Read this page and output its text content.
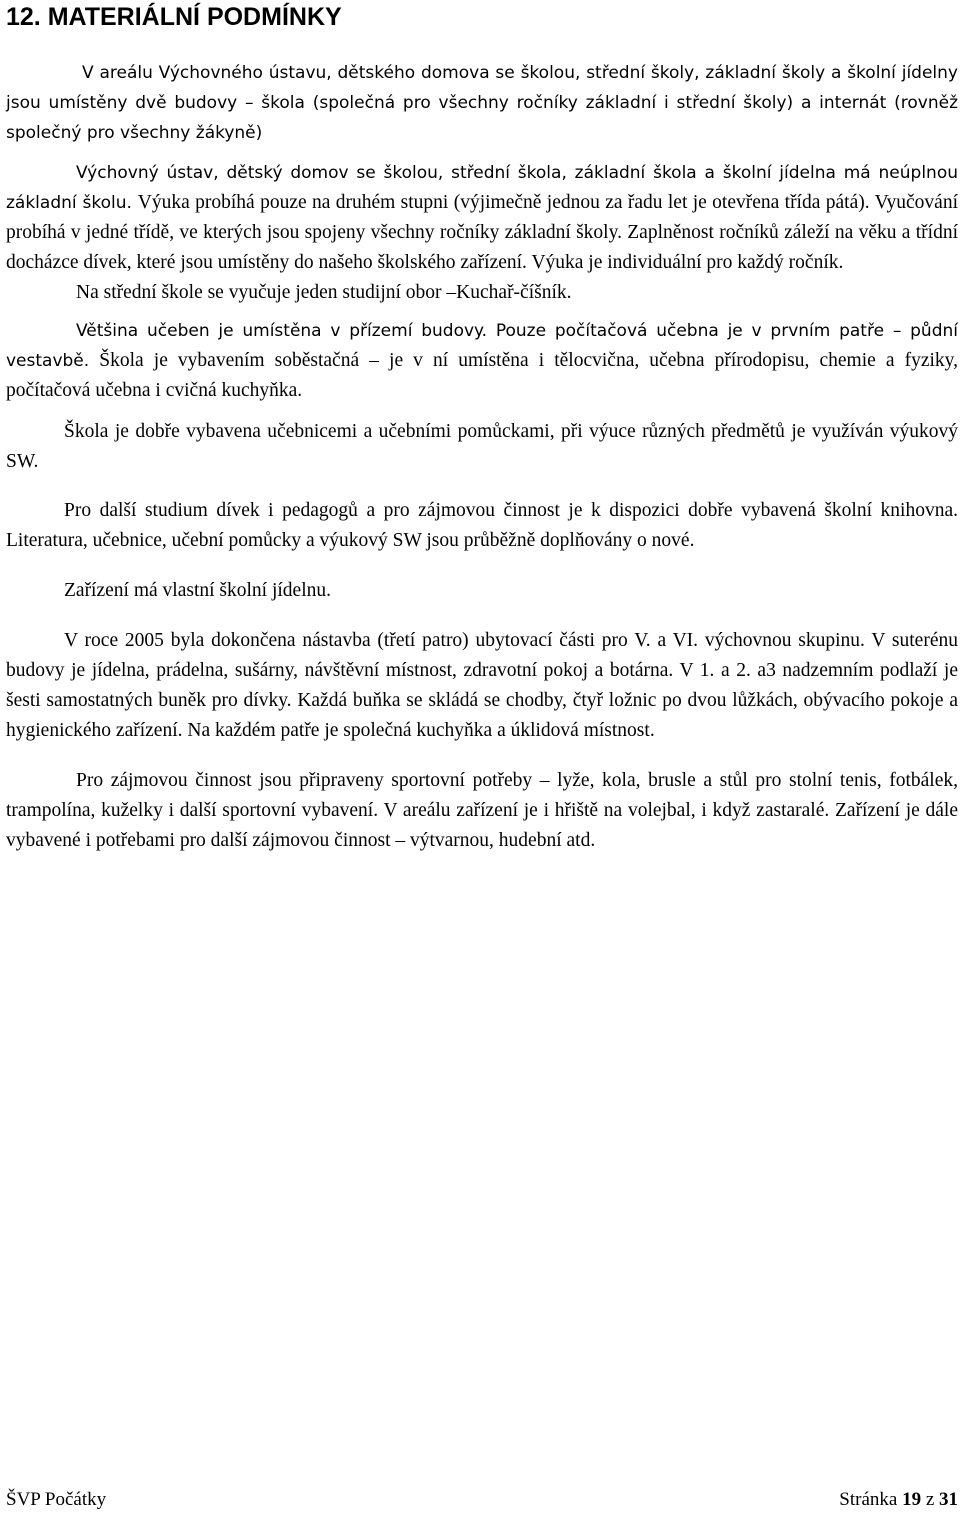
12. MATERIÁLNÍ PODMÍNKY

V areálu Výchovného ústavu, dětského domova se školou, střední školy, základní školy a školní jídelny jsou umístěny dvě budovy – škola (společná pro všechny ročníky základní i střední školy) a internát (rovněž společný pro všechny žákyně)

Výchovný ústav, dětský domov se školou, střední škola, základní škola a školní jídelna má neúplnou základní školu. Výuka probíhá pouze na druhém stupni (výjimečně jednou za řadu let je otevřena třída pátá). Vyučování probíhá v jedné třídě, ve kterých jsou spojeny všechny ročníky základní školy. Zaplněnost ročníků záleží na věku a třídní docházce dívek, které jsou umístěny do našeho školského zařízení. Výuka je individuální pro každý ročník.

Na střední škole se vyučuje jeden studijní obor –Kuchař-číšník.

Většina učeben je umístěna v přízemí budovy. Pouze počítačová učebna je v prvním patře – půdní vestavbě. Škola je vybavením soběstačná – je v ní umístěna i tělocvična, učebna přírodopisu, chemie a fyziky, počítačová učebna i cvičná kuchyňka.

Škola je dobře vybavena učebnicemi a učebními pomůckami, při výuce různých předmětů je využíván výukový SW.

Pro další studium dívek i pedagogů a pro zájmovou činnost je k dispozici dobře vybavená školní knihovna. Literatura, učebnice, učební pomůcky a výukový SW jsou průběžně doplňovány o nové.

Zařízení má vlastní školní jídelnu.

V roce 2005 byla dokončena nástavba (třetí patro) ubytovací části pro V. a VI. výchovnou skupinu. V suterénu budovy je jídelna, prádelna, sušárny, návštěvní místnost, zdravotní pokoj a botárna. V 1. a 2. a3 nadzemním podlaží je šesti samostatných buněk pro dívky. Každá buňka se skládá se chodby, čtyř ložnic po dvou lůžkách, obývacího pokoje a hygienického zařízení. Na každém patře je společná kuchyňka a úklidová místnost.

Pro zájmovou činnost jsou připraveny sportovní potřeby – lyže, kola, brusle a stůl pro stolní tenis, fotbálek, trampolína, kuželky i další sportovní vybavení. V areálu zařízení je i hřiště na volejbal, i když zastaralé. Zařízení je dále vybavené i potřebami pro další zájmovou činnost – výtvarnou, hudební atd.

ŠVP Počátky	Stránka 19 z 31
